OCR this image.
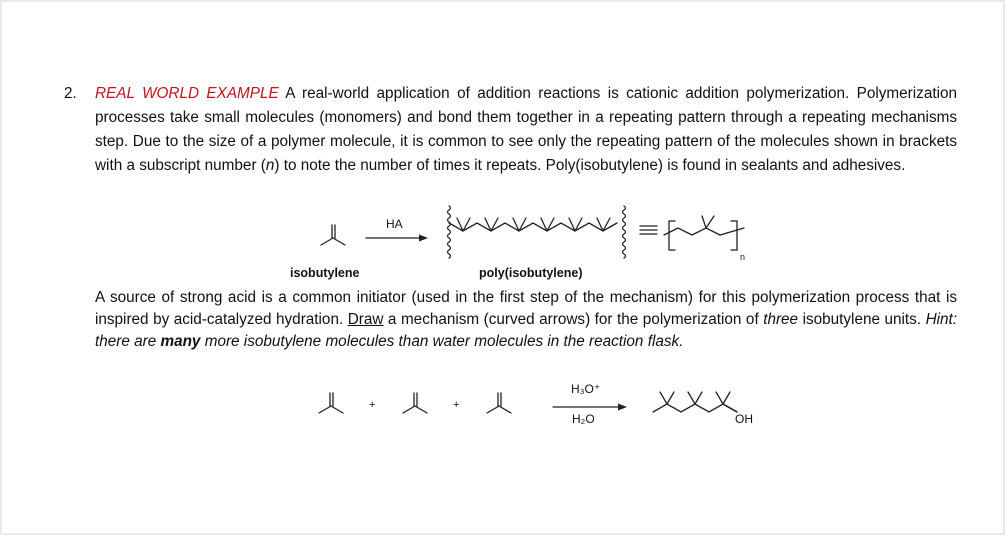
2. REAL WORLD EXAMPLE A real-world application of addition reactions is cationic addition polymerization. Polymerization processes take small molecules (monomers) and bond them together in a repeating pattern through a repeating mechanisms step. Due to the size of a polymer molecule, it is common to see only the repeating pattern of the molecules shown in brackets with a subscript number (n) to note the number of times it repeats. Poly(isobutylene) is found in sealants and adhesives.

HA
n
isobutylene	poly(isobutylene)

A source of strong acid is a common initiator (used in the first step of the mechanism) for this polymerization process that is inspired by acid-catalyzed hydration. Draw a mechanism (curved arrows) for the polymerization of three isobutylene units. Hint: there are many more isobutylene molecules than water molecules in the reaction flask.

+	+
H₃O⁺
H₂O	OH
